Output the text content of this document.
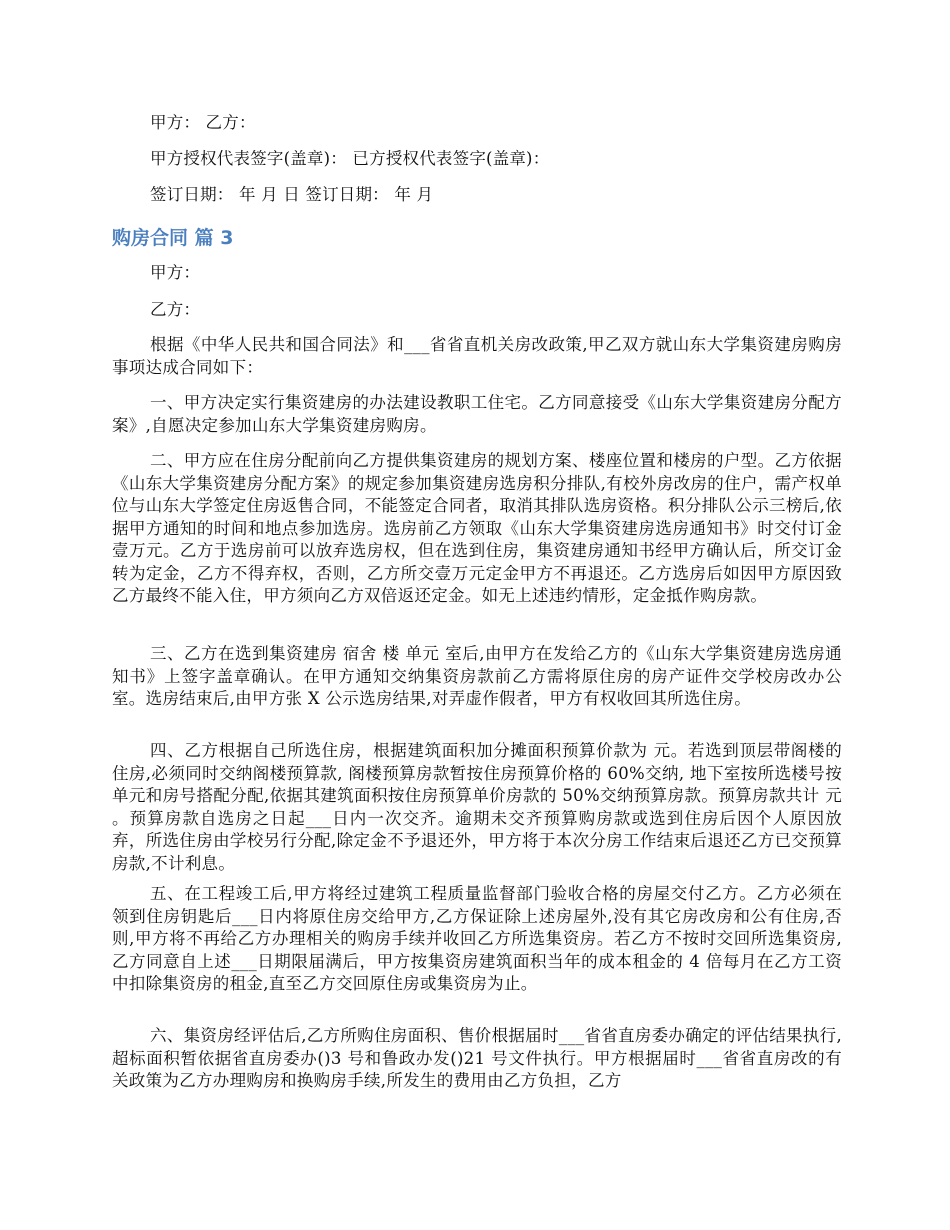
甲方： 乙方：
甲方授权代表签字(盖章)： 已方授权代表签字(盖章)：
签订日期： 年 月 日 签订日期： 年 月
购房合同 篇 3
甲方：
乙方：
根据《中华人民共和国合同法》和___省省直机关房改政策,甲乙双方就山东大学集资建房购房事项达成合同如下：
一、甲方决定实行集资建房的办法建设教职工住宅。乙方同意接受《山东大学集资建房分配方案》,自愿决定参加山东大学集资建房购房。
二、甲方应在住房分配前向乙方提供集资建房的规划方案、楼座位置和楼房的户型。乙方依据《山东大学集资建房分配方案》的规定参加集资建房选房积分排队,有校外房改房的住户，需产权单位与山东大学签定住房返售合同，不能签定合同者，取消其排队选房资格。积分排队公示三榜后,依据甲方通知的时间和地点参加选房。选房前乙方领取《山东大学集资建房选房通知书》时交付订金壹万元。乙方于选房前可以放弃选房权，但在选到住房，集资建房通知书经甲方确认后，所交订金转为定金，乙方不得弃权，否则，乙方所交壹万元定金甲方不再退还。乙方选房后如因甲方原因致乙方最终不能入住，甲方须向乙方双倍返还定金。如无上述违约情形，定金抵作购房款。
三、乙方在选到集资建房 宿舍 楼 单元 室后,由甲方在发给乙方的《山东大学集资建房选房通知书》上签字盖章确认。在甲方通知交纳集资房款前乙方需将原住房的房产证件交学校房改办公室。选房结束后,由甲方张 X 公示选房结果,对弄虚作假者，甲方有权收回其所选住房。
四、乙方根据自己所选住房，根据建筑面积加分摊面积预算价款为 元。若选到顶层带阁楼的住房,必须同时交纳阁楼预算款, 阁楼预算房款暂按住房预算价格的 60%交纳, 地下室按所选楼号按单元和房号搭配分配,依据其建筑面积按住房预算单价房款的 50%交纳预算房款。预算房款共计 元 。预算房款自选房之日起___日内一次交齐。逾期未交齐预算购房款或选到住房后因个人原因放弃，所选住房由学校另行分配,除定金不予退还外，甲方将于本次分房工作结束后退还乙方已交预算房款,不计利息。
五、在工程竣工后,甲方将经过建筑工程质量监督部门验收合格的房屋交付乙方。乙方必须在领到住房钥匙后___日内将原住房交给甲方,乙方保证除上述房屋外,没有其它房改房和公有住房,否则,甲方将不再给乙方办理相关的购房手续并收回乙方所选集资房。若乙方不按时交回所选集资房,乙方同意自上述___日期限届满后，甲方按集资房建筑面积当年的成本租金的 4 倍每月在乙方工资中扣除集资房的租金,直至乙方交回原住房或集资房为止。
六、集资房经评估后,乙方所购住房面积、售价根据届时___省省直房委办确定的评估结果执行,超标面积暂依据省直房委办()3 号和鲁政办发()21 号文件执行。甲方根据届时___省省直房改的有关政策为乙方办理购房和换购房手续,所发生的费用由乙方负担，乙方
